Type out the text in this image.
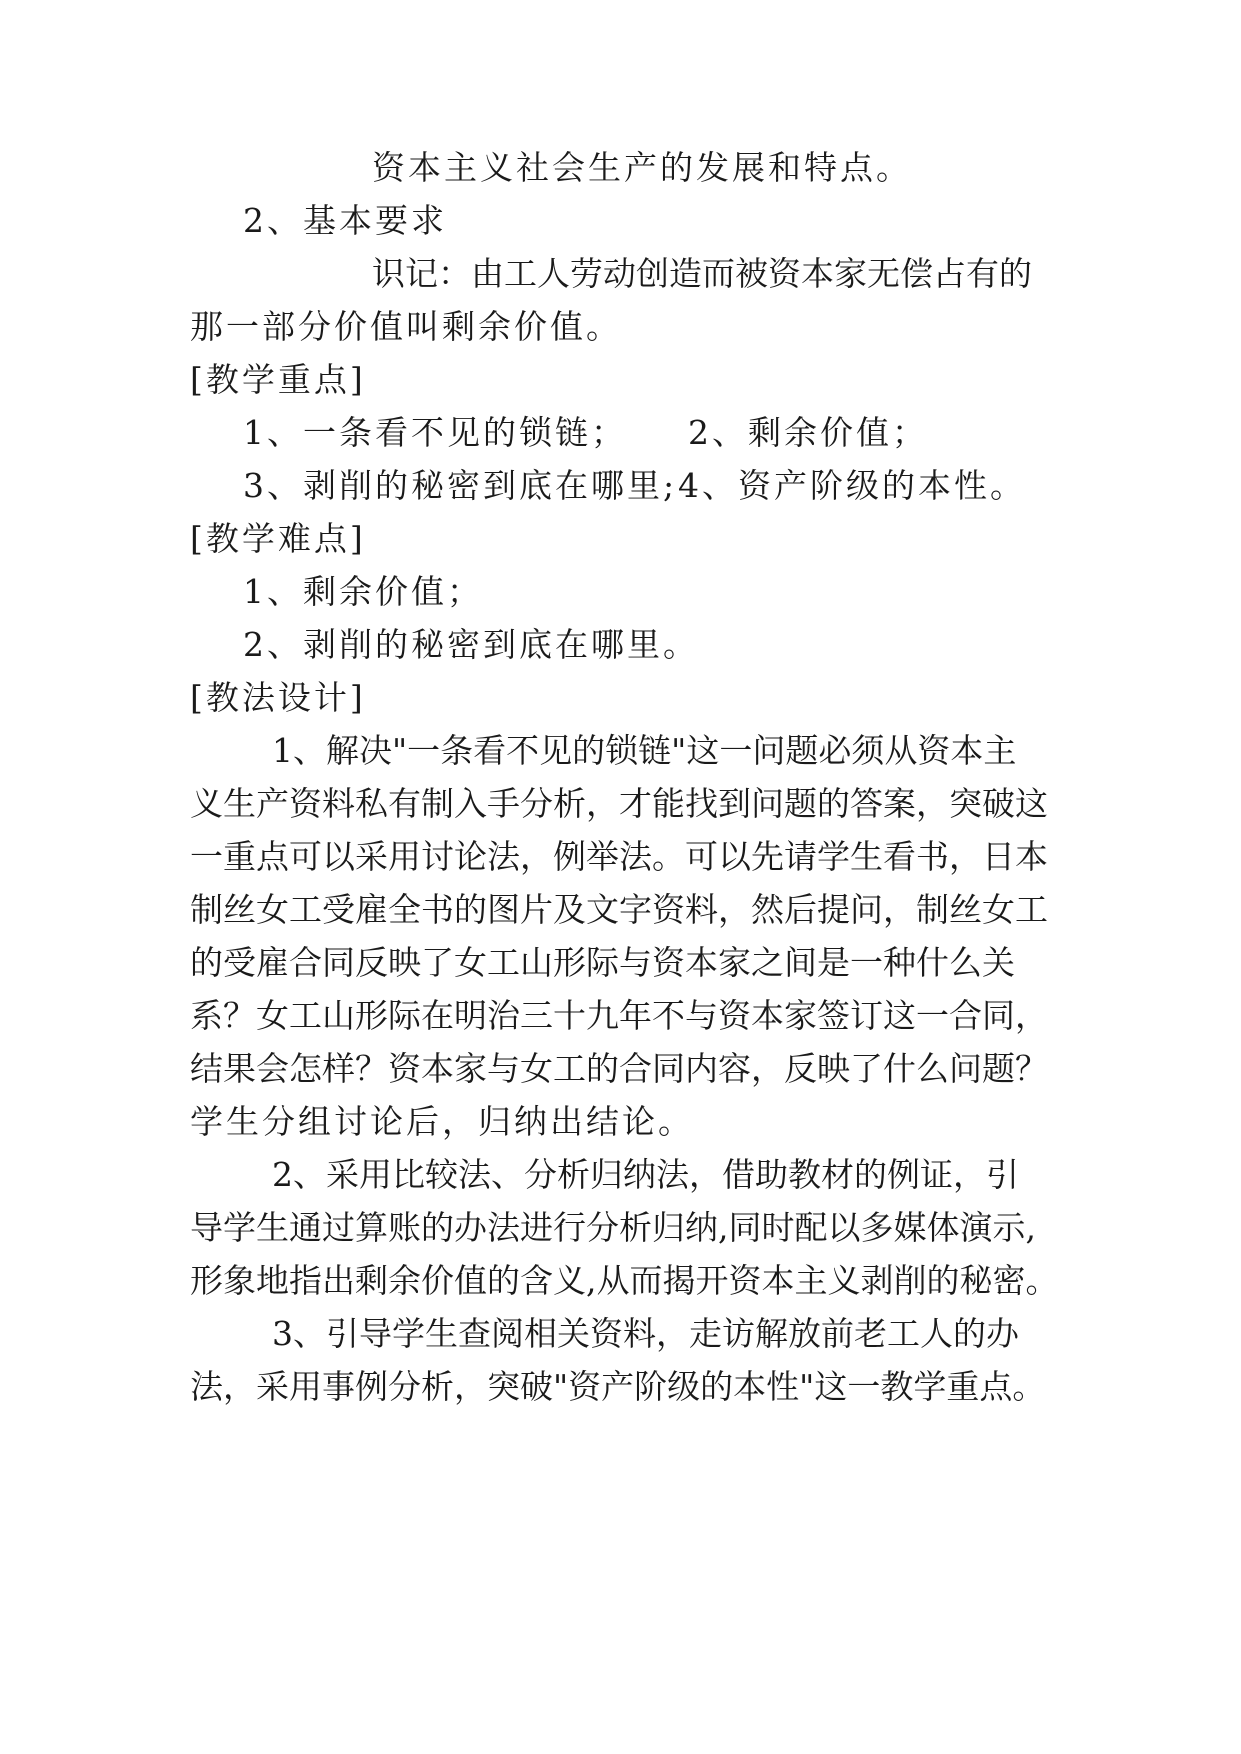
资本主义社会生产的发展和特点。
2、基本要求
识记：由工人劳动创造而被资本家无偿占有的
那一部分价值叫剩余价值。
[教学重点]
1、一条看不见的锁链； 2、剩余价值；
3、剥削的秘密到底在哪里; 4、资产阶级的本性。
[教学难点]
1、剩余价值；
2、剥削的秘密到底在哪里。
[教法设计]
1、解决"一条看不见的锁链"这一问题必须从资本主
义生产资料私有制入手分析，才能找到问题的答案，突破这
一重点可以采用讨论法，例举法。可以先请学生看书，日本
制丝女工受雇全书的图片及文字资料，然后提问，制丝女工
的受雇合同反映了女工山形际与资本家之间是一种什么关
系？女工山形际在明治三十九年不与资本家签订这一合同，
结果会怎样？资本家与女工的合同内容，反映了什么问题？
学生分组讨论后，归纳出结论。
2、采用比较法、分析归纳法，借助教材的例证，引
导学生通过算账的办法进行分析归纳,同时配以多媒体演示,
形象地指出剩余价值的含义,从而揭开资本主义剥削的秘密。
3、引导学生查阅相关资料，走访解放前老工人的办
法，采用事例分析，突破"资产阶级的本性"这一教学重点。
